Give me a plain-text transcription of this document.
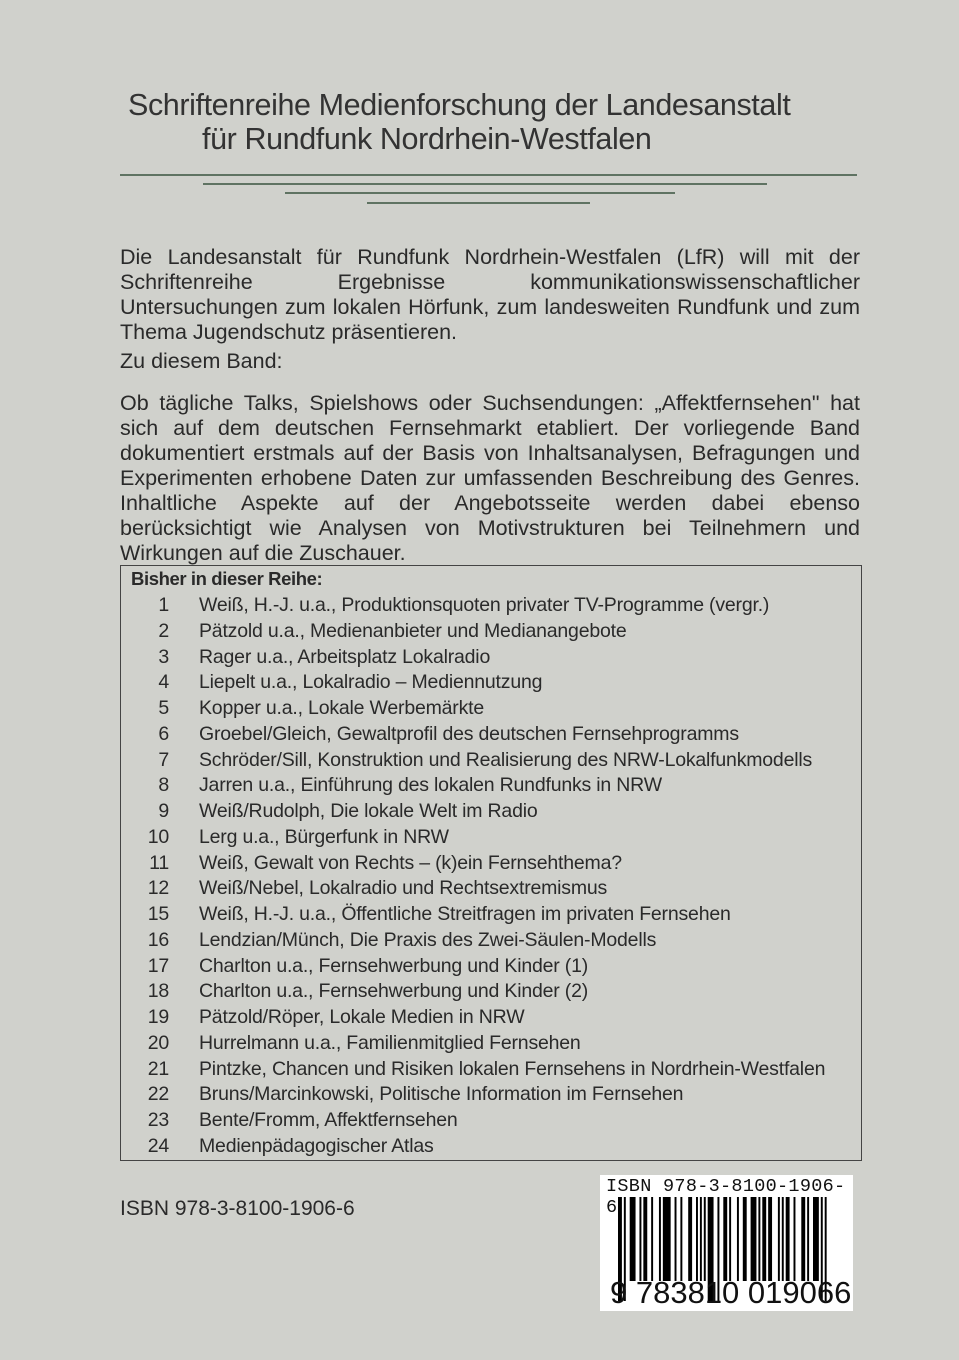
Schriftenreihe Medienforschung der Landesanstalt
für Rundfunk Nordrhein-Westfalen
Die Landesanstalt für Rundfunk Nordrhein-Westfalen (LfR) will mit der Schriftenreihe Ergebnisse kommunikationswissenschaftlicher Untersuchungen zum lokalen Hörfunk, zum landesweiten Rundfunk und zum Thema Jugendschutz präsentieren.
Zu diesem Band:
Ob tägliche Talks, Spielshows oder Suchsendungen: „Affektfernsehen" hat sich auf dem deutschen Fernsehmarkt etabliert. Der vorliegende Band dokumentiert erstmals auf der Basis von Inhaltsanalysen, Befragungen und Experimenten erhobene Daten zur umfassenden Beschreibung des Genres. Inhaltliche Aspekte auf der Angebotsseite werden dabei ebenso berücksichtigt wie Analysen von Motivstrukturen bei Teilnehmern und Wirkungen auf die Zuschauer.
Bisher in dieser Reihe:
1	Weiß, H.-J. u.a., Produktionsquoten privater TV-Programme (vergr.)
2	Pätzold u.a., Medienanbieter und Medianangebote
3	Rager u.a., Arbeitsplatz Lokalradio
4	Liepelt u.a., Lokalradio – Mediennutzung
5	Kopper u.a., Lokale Werbemärkte
6	Groebel/Gleich, Gewaltprofil des deutschen Fernsehprogramms
7	Schröder/Sill, Konstruktion und Realisierung des NRW-Lokalfunkmodells
8	Jarren u.a., Einführung des lokalen Rundfunks in NRW
9	Weiß/Rudolph, Die lokale Welt im Radio
10	Lerg u.a., Bürgerfunk in NRW
11	Weiß, Gewalt von Rechts – (k)ein Fernsehthema?
12	Weiß/Nebel, Lokalradio und Rechtsextremismus
15	Weiß, H.-J. u.a., Öffentliche Streitfragen im privaten Fernsehen
16	Lendzian/Münch, Die Praxis des Zwei-Säulen-Modells
17	Charlton u.a., Fernsehwerbung und Kinder (1)
18	Charlton u.a., Fernsehwerbung und Kinder (2)
19	Pätzold/Röper, Lokale Medien in NRW
20	Hurrelmann u.a., Familienmitglied Fernsehen
21	Pintzke, Chancen und Risiken lokalen Fernsehens in Nordrhein-Westfalen
22	Bruns/Marcinkowski, Politische Information im Fernsehen
23	Bente/Fromm, Affektfernsehen
24	Medienpädagogischer Atlas
ISBN 978-3-8100-1906-6
ISBN 978-3-8100-1906-6
9 783810 019066
